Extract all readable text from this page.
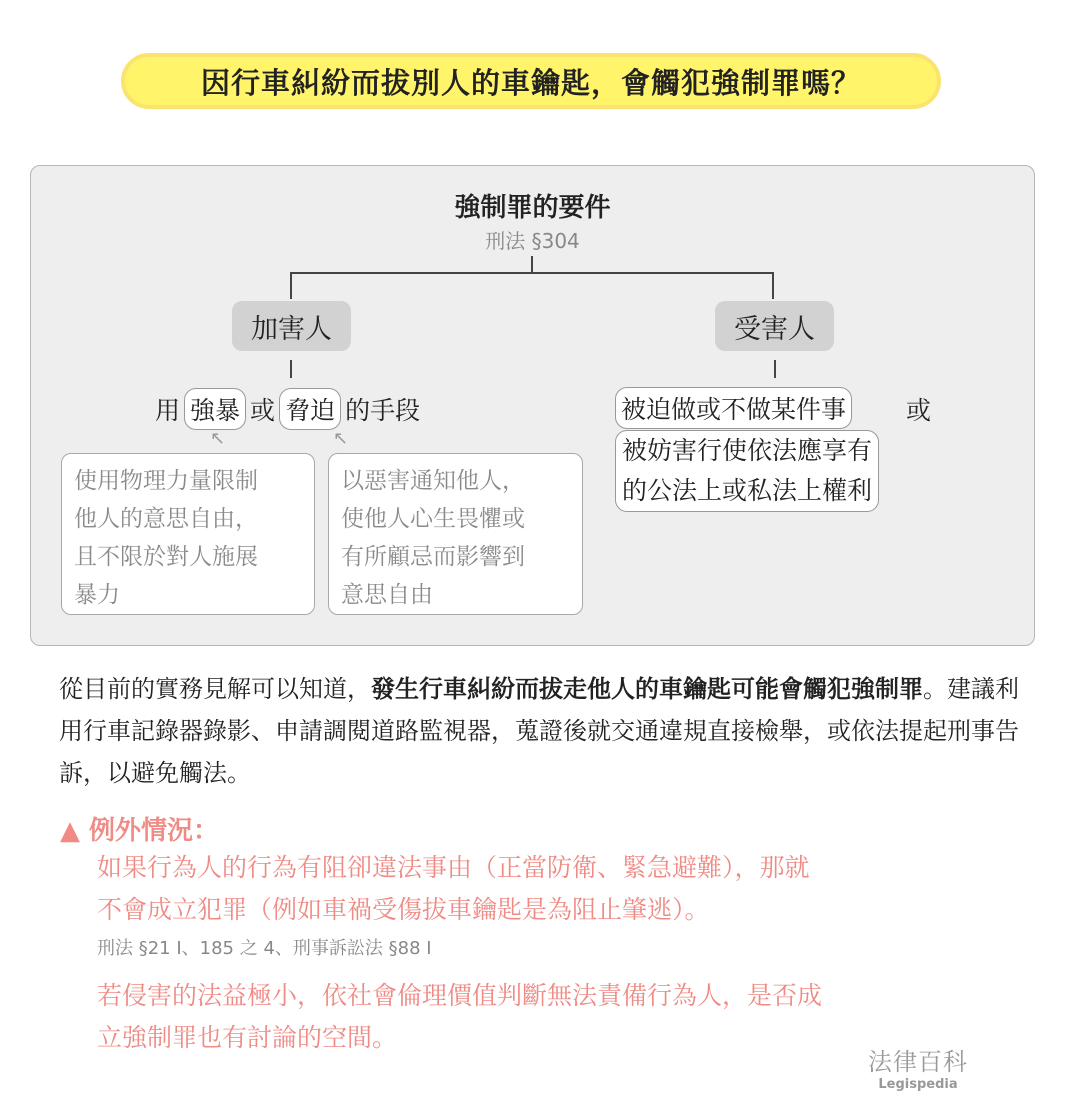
因行車糾紛而拔別人的車鑰匙，會觸犯強制罪嗎？
強制罪的要件
刑法 §304
加害人	受害人
用 強暴 或 脅迫 的手段
↖	↖
使用物理力量限制
他人的意思自由，
且不限於對人施展
暴力
以惡害通知他人，
使他人心生畏懼或
有所顧忌而影響到
意思自由
被迫做或不做某件事 或
被妨害行使依法應享有
的公法上或私法上權利
從目前的實務見解可以知道，發生行車糾紛而拔走他人的車鑰匙可能會觸犯強制罪。建議利用行車記錄器錄影、申請調閱道路監視器，蒐證後就交通違規直接檢舉，或依法提起刑事告訴，以避免觸法。
▲ 例外情況：
如果行為人的行為有阻卻違法事由（正當防衛、緊急避難），那就
不會成立犯罪（例如車禍受傷拔車鑰匙是為阻止肇逃）。
刑法 §21 I、185 之 4、刑事訴訟法 §88 I
若侵害的法益極小，依社會倫理價值判斷無法責備行為人，是否成
立強制罪也有討論的空間。
法律百科
Legispedia
